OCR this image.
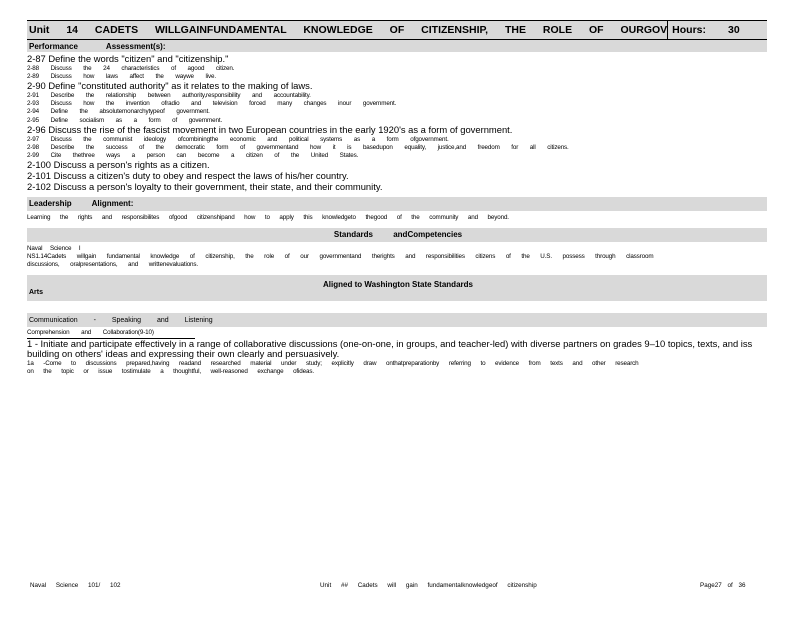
Unit 14 CADETS WILLGAINFUNDAMENTAL KNOWLEDGE OF CITIZENSHIP, THE ROLE OF OURGOV Hours: 30
Performance	Assessment(s):
2-87 Define the words "citizen" and "citizenship."
2-88 Discuss the 24 characteristics of agood citizen.
2-89 Discuss how laws affect the waywe live.
2-90 Define "constituted authority" as it relates to the making of laws.
2-91 Describe the relationship between authority,responsibility and accountability.
2-93 Discuss how the invention ofradio and television forced many changes inour government.
2-94 Define the absolutemonarchytypeof government.
2-95 Define socialism as a form of government.
2-96 Discuss the rise of the fascist movement in two European countries in the early 1920's as a form of government.
2-97 Discuss the communist ideology ofcombiningthe economic and political systems as a form ofgovernment.
2-98 Describe the success of the democratic form of governmentand how it is basedupon equality, justice,and freedom for all citizens.
2-99 Cite thethree ways a person can become a citizen of the United States.
2-100 Discuss a person's rights as a citizen.
2-101 Discuss a citizen's duty to obey and respect the laws of his/her country.
2-102 Discuss a person's loyalty to their government, their state, and their community.
Leadership Alignment:
Learning the rights and responsibilites ofgood citizenshipand how to apply this knowledgeto thegood of the community and beyond.
Standards andCompetencies
Naval Science I
NS1.14Cadets willgain fundamental knowledge of citizenship, the role of our governmentand therights and responsibilities citizens of the U.S. possess through classroom
discussions, oralpresentations, and writtenevaluations.
Aligned to Washington State Standards
Arts
Communication - Speaking and Listening
Comprehension and Collaboration(9-10)
1 - Initiate and participate effectively in a range of collaborative discussions (one-on-one, in groups, and teacher-led) with diverse partners on grades 9–10 topics, texts, and iss
building on others' ideas and expressing their own clearly and persuasively.
1a -Come to discussions prepared,having readand researched material under study; explicitly draw onthatpreparationby referring to evidence from texts and other research
on the topic or issue tostimulate a thoughtful, well-reasoned exchange ofideas.
Naval Science 101/ 102	Unit ## Cadets will gain fundamentalknowledgeof citizenship	Page27 of 36
